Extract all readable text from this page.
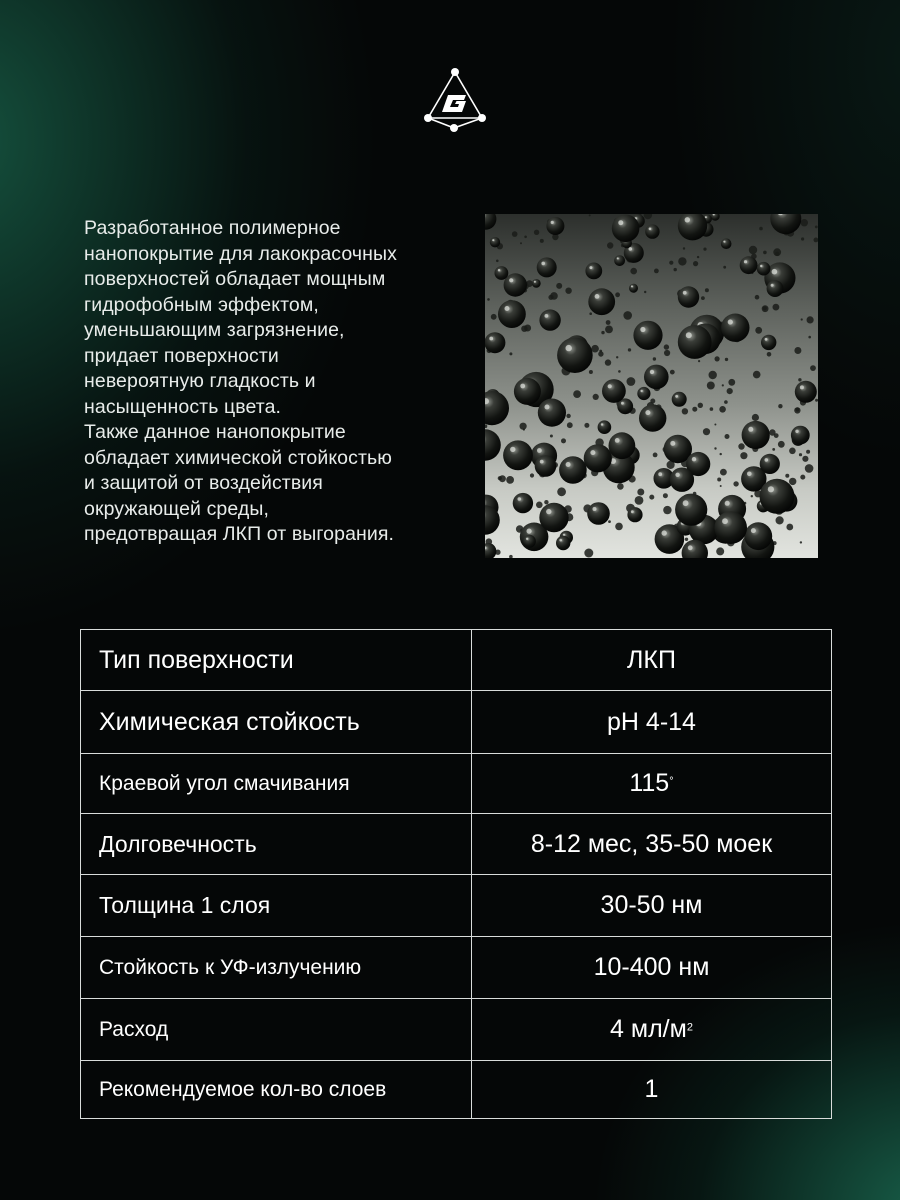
Разработанное полимерное
нанопокрытие для лакокрасочных
поверхностей обладает мощным
гидрофобным эффектом,
уменьшающим загрязнение,
придает поверхности
невероятную гладкость и
насыщенность цвета.

Также данное нанопокрытие
обладает химической стойкостью
и защитой от воздействия
окружающей среды,
предотвращая ЛКП от выгорания.

Тип поверхности	ЛКП
Химическая стойкость	pH 4-14
Краевой угол смачивания	115°
Долговечность	8-12 мес, 35-50 моек
Толщина 1 слоя	30-50 нм
Стойкость к УФ-излучению	10-400 нм
Расход	4 $мл/м^2$
Рекомендуемое кол-во слоев	1
